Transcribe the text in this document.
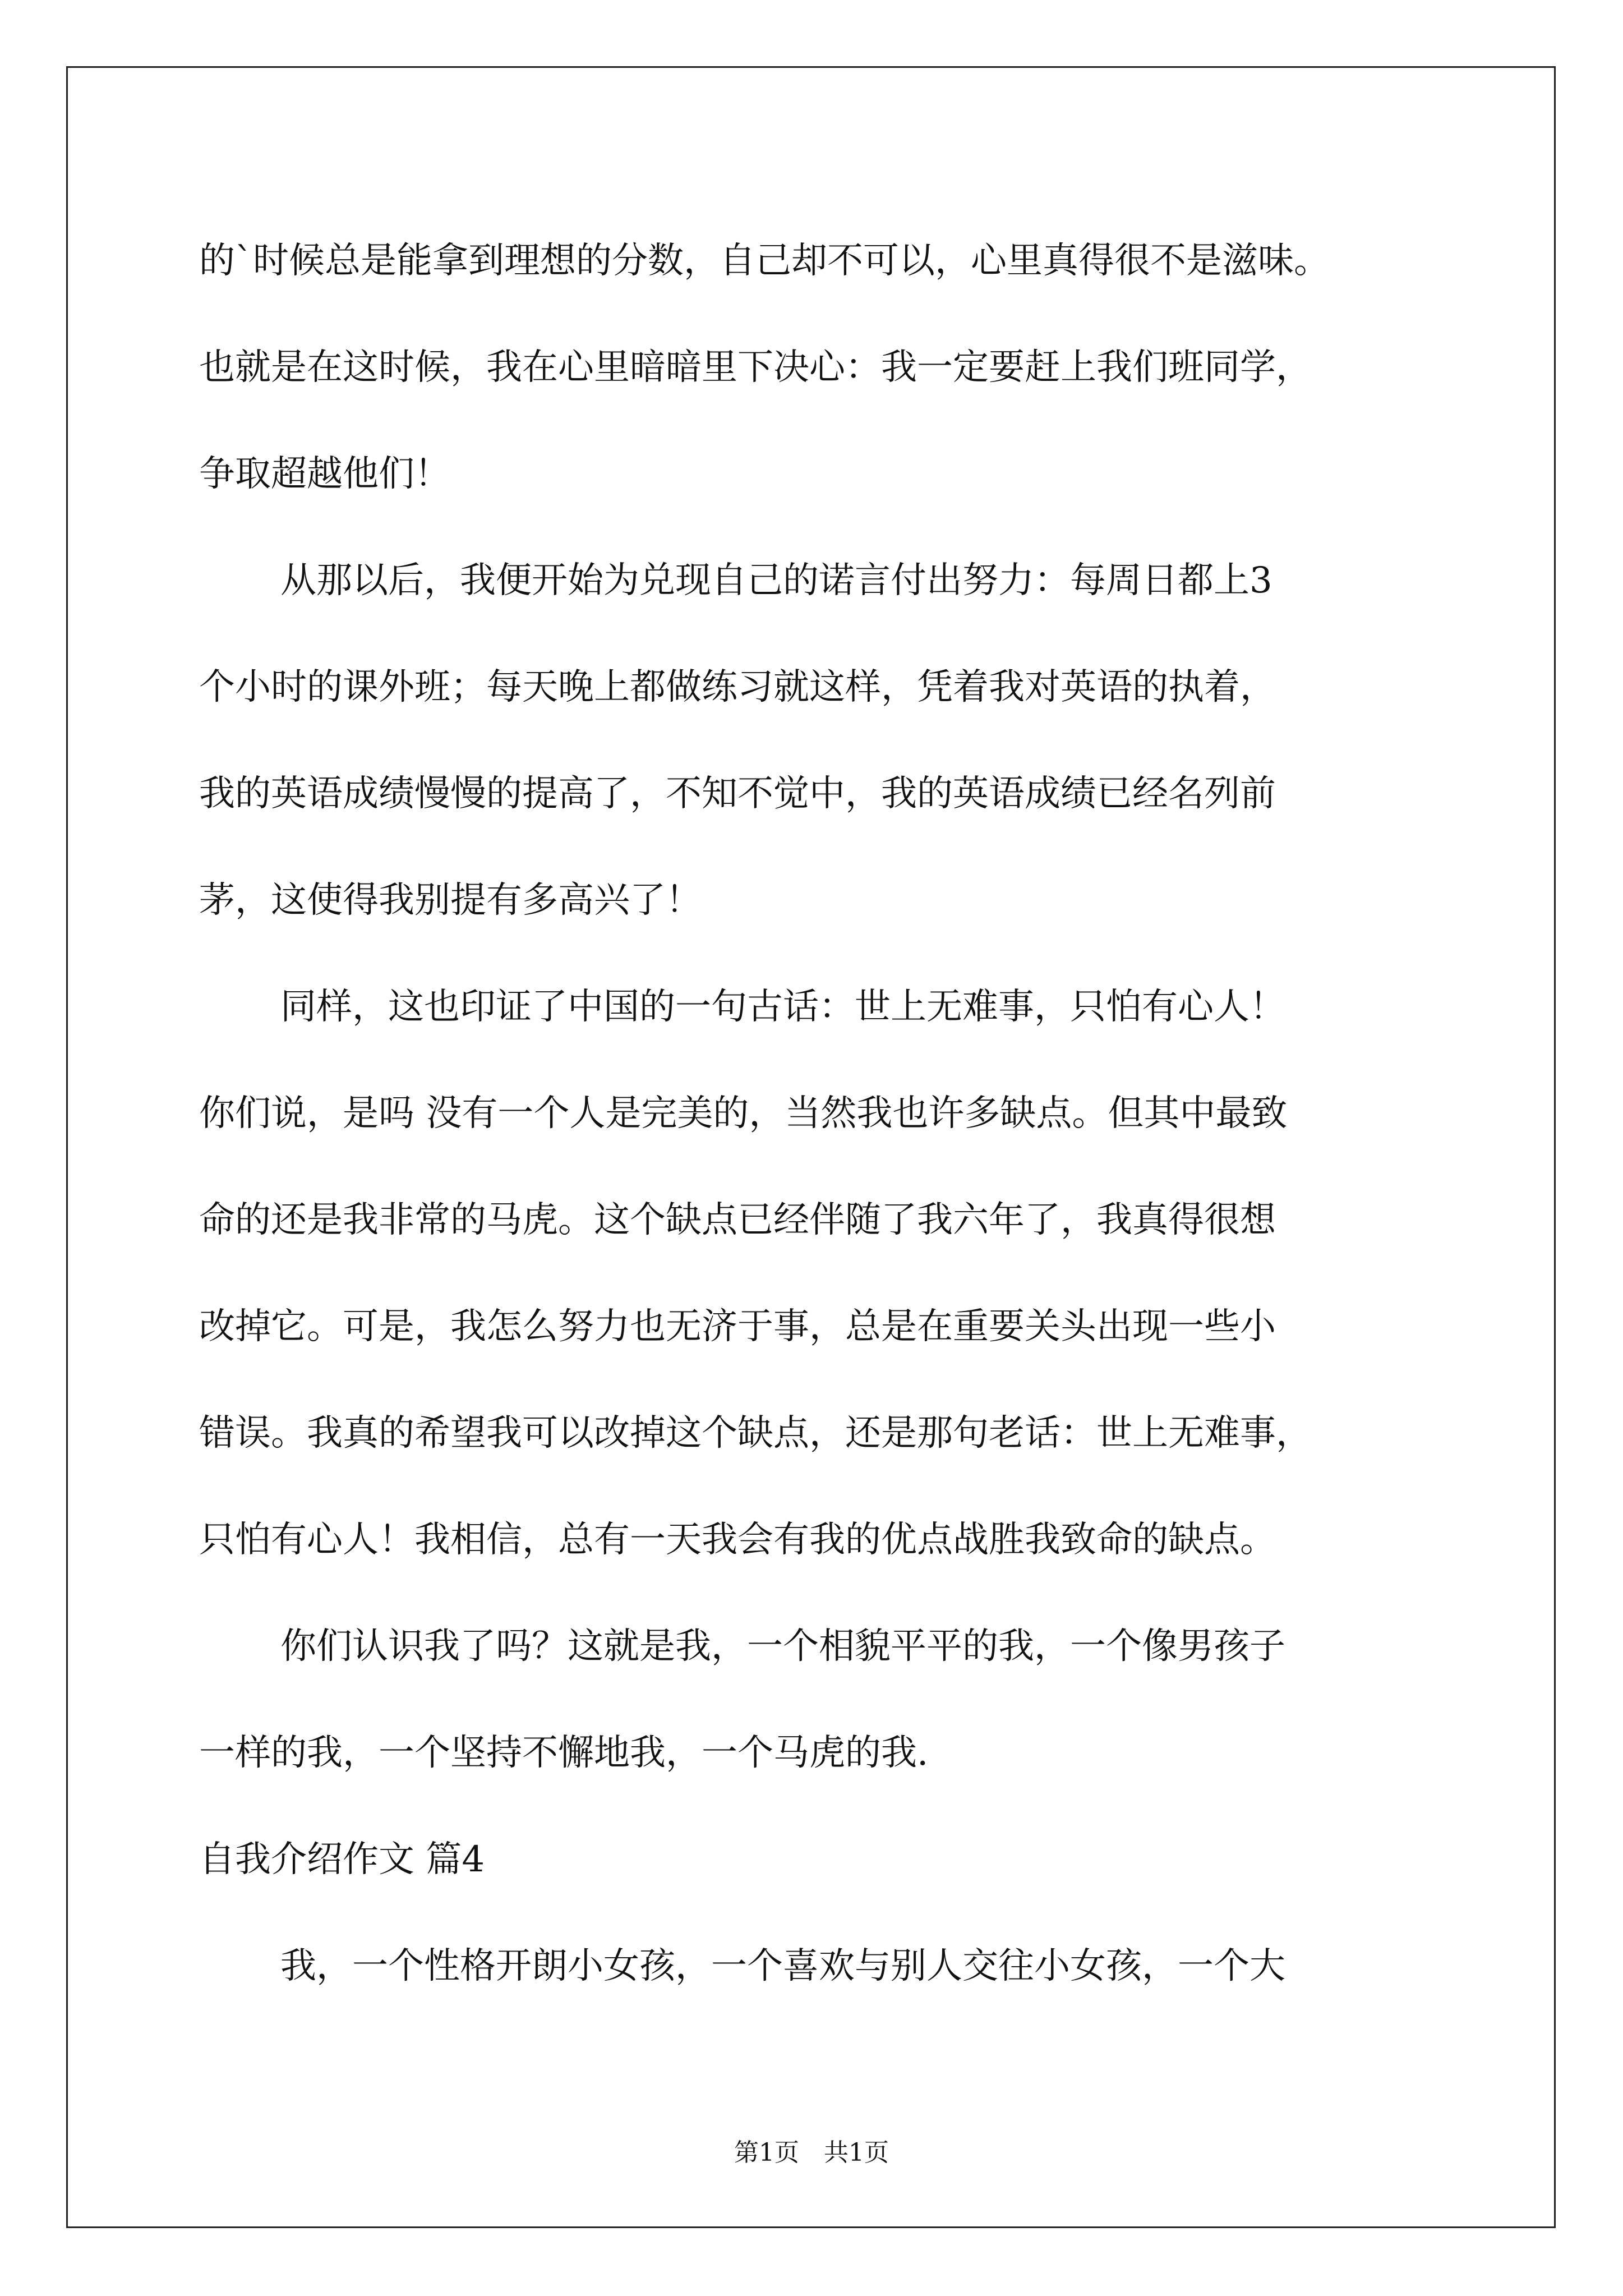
的`时候总是能拿到理想的分数，自己却不可以，心里真得很不是滋味。
也就是在这时候，我在心里暗暗里下决心：我一定要赶上我们班同学，
争取超越他们！
从那以后，我便开始为兑现自己的诺言付出努力：每周日都上3
个小时的课外班；每天晚上都做练习就这样，凭着我对英语的执着，
我的英语成绩慢慢的提高了，不知不觉中，我的英语成绩已经名列前
茅，这使得我别提有多高兴了！
同样，这也印证了中国的一句古话：世上无难事，只怕有心人！
你们说，是吗 没有一个人是完美的，当然我也许多缺点。但其中最致
命的还是我非常的马虎。这个缺点已经伴随了我六年了，我真得很想
改掉它。可是，我怎么努力也无济于事，总是在重要关头出现一些小
错误。我真的希望我可以改掉这个缺点，还是那句老话：世上无难事，
只怕有心人！我相信，总有一天我会有我的优点战胜我致命的缺点。
你们认识我了吗？这就是我，一个相貌平平的我，一个像男孩子
一样的我，一个坚持不懈地我，一个马虎的我.
自我介绍作文 篇4
我，一个性格开朗小女孩，一个喜欢与别人交往小女孩，一个大
第1页　共1页
